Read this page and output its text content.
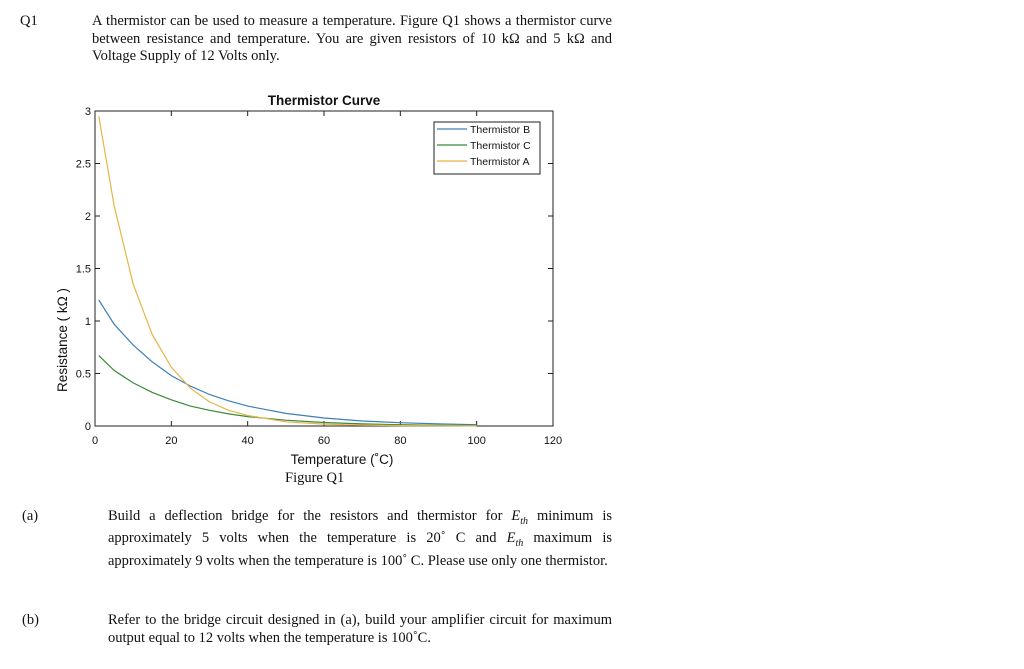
Q1	A thermistor can be used to measure a temperature. Figure Q1 shows a thermistor curve between resistance and temperature. You are given resistors of 10 kΩ and 5 kΩ and Voltage Supply of 12 Volts only.
Thermistor Curve
0	20	40	60	80	100	120
0
0.5
1
1.5
2
2.5
3
Thermistor B
Thermistor C
Thermistor A
Temperature (˚C)
Resistance ( kΩ )
Figure Q1
(a)	Build a deflection bridge for the resistors and thermistor for $E_{th}$ minimum is approximately 5 volts when the temperature is 20˚ C and $E_{th}$ maximum is approximately 9 volts when the temperature is 100˚ C. Please use only one thermistor.
(b)	Refer to the bridge circuit designed in (a), build your amplifier circuit for maximum output equal to 12 volts when the temperature is 100˚C.
